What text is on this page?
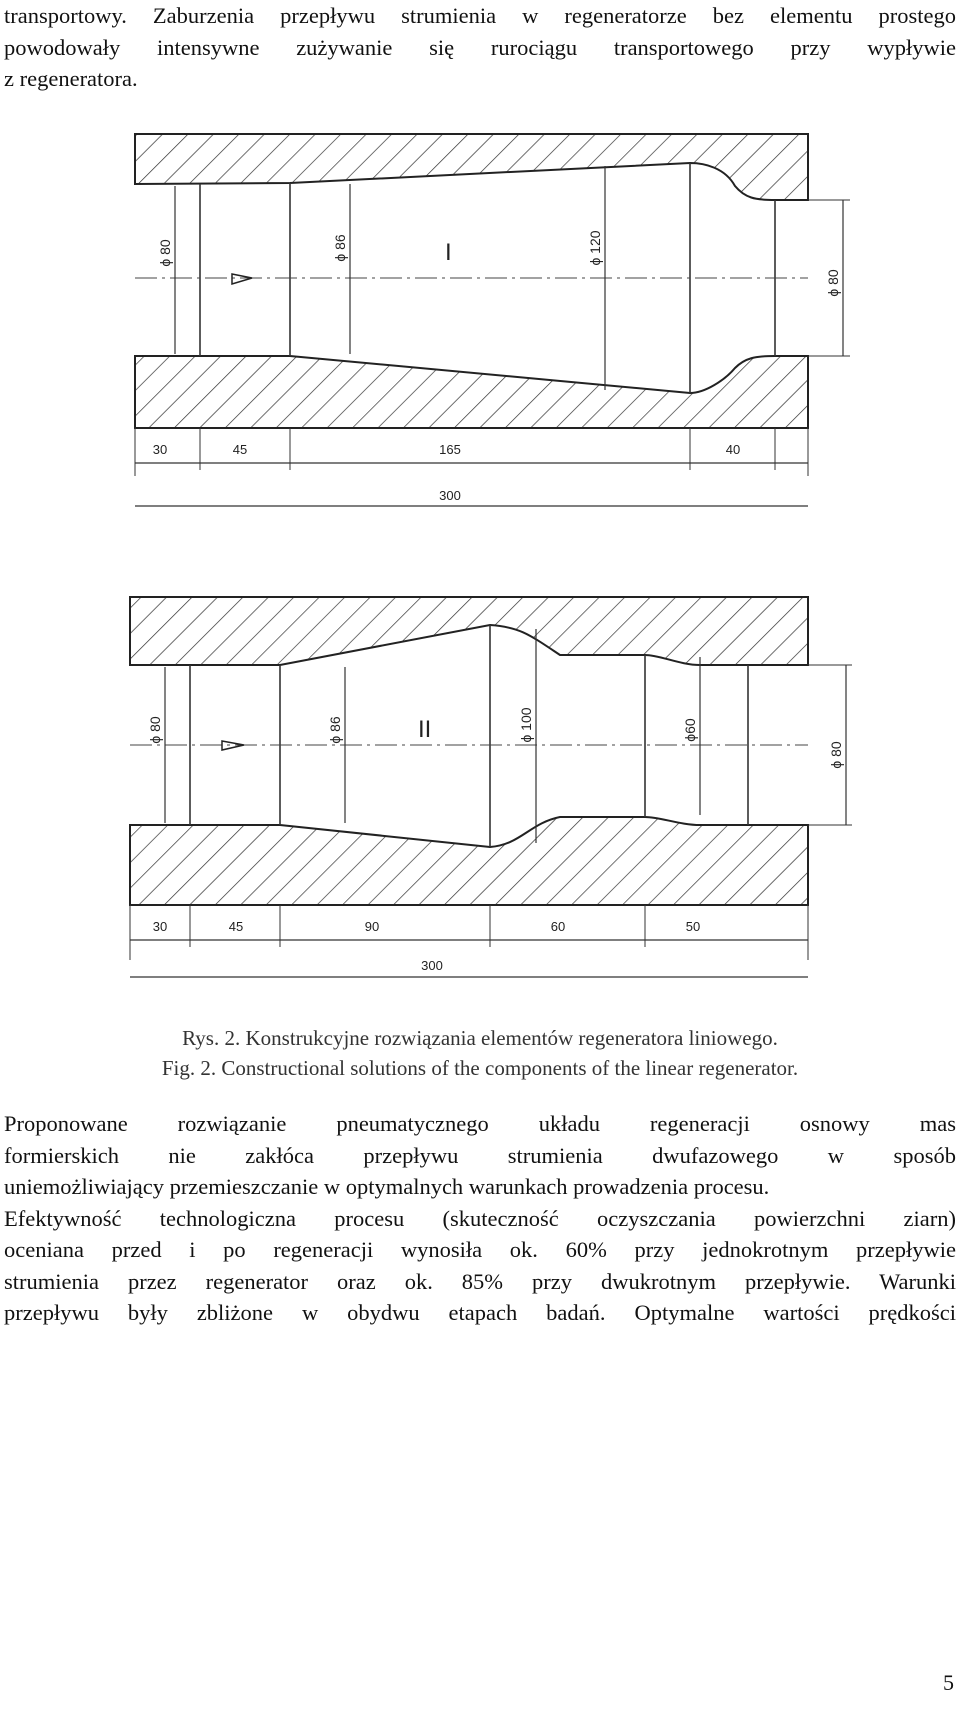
transportowy. Zaburzenia przepływu strumienia w regeneratorze bez elementu prostego
powodowały intensywne zużywanie się rurociągu transportowego przy wypływie
z regeneratora.
ϕ 80	ϕ 86	ϕ 120
ϕ 80
I
30	45	165	40
300
ϕ 80	ϕ 86	ϕ 100	ϕ60
ϕ 80
II
30	45	90	60	50
300
Rys. 2. Konstrukcyjne rozwiązania elementów regeneratora liniowego.
Fig. 2. Constructional solutions of the components of the linear regenerator.
Proponowane rozwiązanie pneumatycznego układu regeneracji osnowy mas
formierskich nie zakłóca przepływu strumienia dwufazowego w sposób
uniemożliwiający przemieszczanie w optymalnych warunkach prowadzenia procesu.
Efektywność technologiczna procesu (skuteczność oczyszczania powierzchni ziarn)
oceniana przed i po regeneracji wynosiła ok. 60% przy jednokrotnym przepływie
strumienia przez regenerator oraz ok. 85% przy dwukrotnym przepływie. Warunki
przepływu były zbliżone w obydwu etapach badań. Optymalne wartości prędkości
5
